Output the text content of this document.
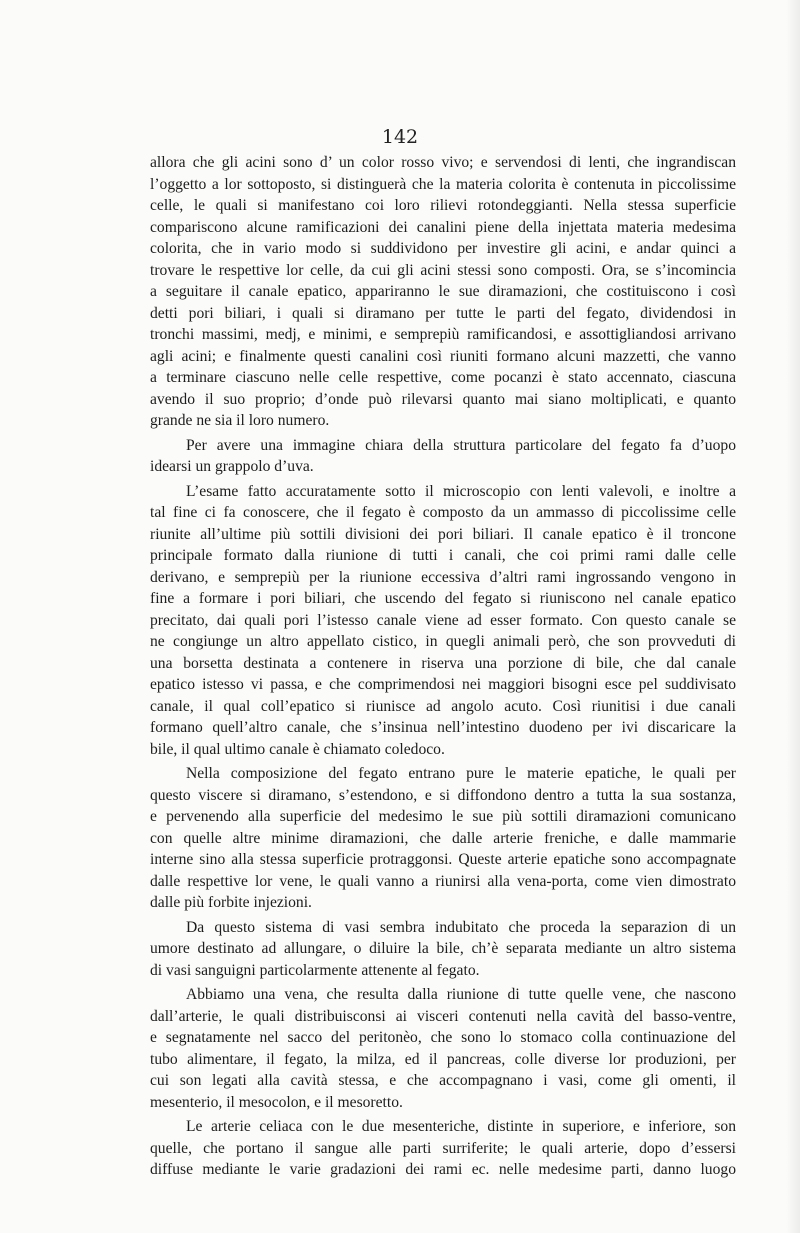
142
allora che gli acini sono d’ un color rosso vivo; e servendosi di lenti, che ingrandiscan
l’oggetto a lor sottoposto, si distinguerà che la materia colorita è contenuta in piccolissime
celle, le quali si manifestano coi loro rilievi rotondeggianti. Nella stessa superficie
compariscono alcune ramificazioni dei canalini piene della injettata materia medesima
colorita, che in vario modo si suddividono per investire gli acini, e andar quinci a
trovare le respettive lor celle, da cui gli acini stessi sono composti. Ora, se s’incomincia
a seguitare il canale epatico, appariranno le sue diramazioni, che costituiscono i così
detti pori biliari, i quali si diramano per tutte le parti del fegato, dividendosi in
tronchi massimi, medj, e minimi, e semprepiù ramificandosi, e assottigliandosi arrivano
agli acini; e finalmente questi canalini così riuniti formano alcuni mazzetti, che vanno
a terminare ciascuno nelle celle respettive, come pocanzi è stato accennato, ciascuna
avendo il suo proprio; d’onde può rilevarsi quanto mai siano moltiplicati, e quanto
grande ne sia il loro numero.
Per avere una immagine chiara della struttura particolare del fegato fa d’uopo
idearsi un grappolo d’uva.
L’esame fatto accuratamente sotto il microscopio con lenti valevoli, e inoltre a
tal fine ci fa conoscere, che il fegato è composto da un ammasso di piccolissime celle
riunite all’ultime più sottili divisioni dei pori biliari. Il canale epatico è il troncone
principale formato dalla riunione di tutti i canali, che coi primi rami dalle celle
derivano, e semprepiù per la riunione eccessiva d’altri rami ingrossando vengono in
fine a formare i pori biliari, che uscendo del fegato si riuniscono nel canale epatico
precitato, dai quali pori l’istesso canale viene ad esser formato. Con questo canale se
ne congiunge un altro appellato cistico, in quegli animali però, che son provveduti di
una borsetta destinata a contenere in riserva una porzione di bile, che dal canale
epatico istesso vi passa, e che comprimendosi nei maggiori bisogni esce pel suddivisato
canale, il qual coll’epatico si riunisce ad angolo acuto. Così riunitisi i due canali
formano quell’altro canale, che s’insinua nell’intestino duodeno per ivi discaricare la
bile, il qual ultimo canale è chiamato coledoco.
Nella composizione del fegato entrano pure le materie epatiche, le quali per
questo viscere si diramano, s’estendono, e si diffondono dentro a tutta la sua sostanza,
e pervenendo alla superficie del medesimo le sue più sottili diramazioni comunicano
con quelle altre minime diramazioni, che dalle arterie freniche, e dalle mammarie
interne sino alla stessa superficie protraggonsi. Queste arterie epatiche sono accompagnate
dalle respettive lor vene, le quali vanno a riunirsi alla vena-porta, come vien dimostrato
dalle più forbite injezioni.
Da questo sistema di vasi sembra indubitato che proceda la separazion di un
umore destinato ad allungare, o diluire la bile, ch’è separata mediante un altro sistema
di vasi sanguigni particolarmente attenente al fegato.
Abbiamo una vena, che resulta dalla riunione di tutte quelle vene, che nascono
dall’arterie, le quali distribuisconsi ai visceri contenuti nella cavità del basso-ventre,
e segnatamente nel sacco del peritonèo, che sono lo stomaco colla continuazione del
tubo alimentare, il fegato, la milza, ed il pancreas, colle diverse lor produzioni, per
cui son legati alla cavità stessa, e che accompagnano i vasi, come gli omenti, il
mesenterio, il mesocolon, e il mesoretto.
Le arterie celiaca con le due mesenteriche, distinte in superiore, e inferiore, son
quelle, che portano il sangue alle parti surriferite; le quali arterie, dopo d’essersi
diffuse mediante le varie gradazioni dei rami ec. nelle medesime parti, danno luogo
